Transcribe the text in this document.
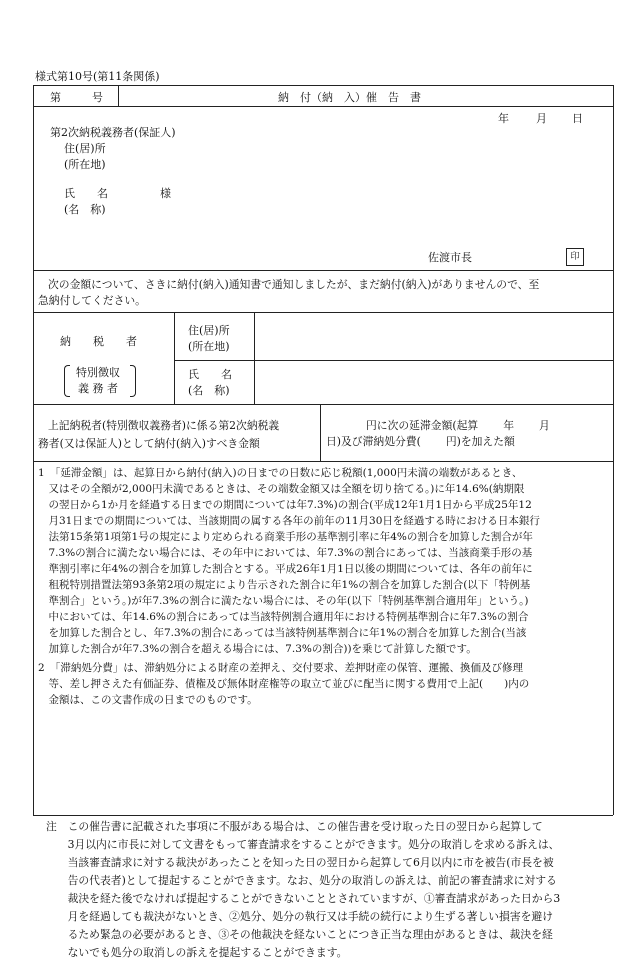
様式第10号(第11条関係)
第	号	納　付（納　入）催　告　書
年 月 日
第2次納税義務者(保証人)
住(居)所
(所在地)
氏　　名	様
(名　称)
佐渡市長	印
次の金額について、さきに納付(納入)通知書で通知しましたが、まだ納付(納入)がありませんので、至
急納付してください。
納　　税　　者
特別徴収
義 務 者
住(居)所
(所在地)
氏　　名
(名　称)
上記納税者(特別徴収義務者)に係る第2次納税義
務者(又は保証人)として納付(納入)すべき金額
円に次の延滞金額(起算　　 年　　 月
日)及び滞納処分費(　　 円)を加えた額
1　「延滞金額」は、起算日から納付(納入)の日までの日数に応じ税額(1,000円未満の端数があるとき、
　又はその全額が2,000円未満であるときは、その端数金額又は全額を切り捨てる。)に年14.6%(納期限
　の翌日から1か月を経過する日までの期間については年7.3%)の割合(平成12年1月1日から平成25年12
　月31日までの期間については、当該期間の属する各年の前年の11月30日を経過する時における日本銀行
　法第15条第1項第1号の規定により定められる商業手形の基準割引率に年4%の割合を加算した割合が年
　7.3%の割合に満たない場合には、その年中においては、年7.3%の割合にあっては、当該商業手形の基
　準割引率に年4%の割合を加算した割合とする。平成26年1月1日以後の期間については、各年の前年に
　租税特別措置法第93条第2項の規定により告示された割合に年1%の割合を加算した割合(以下「特例基
　準割合」という。)が年7.3%の割合に満たない場合には、その年(以下「特例基準割合適用年」という。)
　中においては、年14.6%の割合にあっては当該特例割合適用年における特例基準割合に年7.3%の割合
　を加算した割合とし、年7.3%の割合にあっては当該特例基準割合に年1%の割合を加算した割合(当該
　加算した割合が年7.3%の割合を超える場合には、7.3%の割合))を乗じて計算した額です。
2　「滞納処分費」は、滞納処分による財産の差押え、交付要求、差押財産の保管、運搬、換価及び修理
　等、差し押さえた有価証券、債権及び無体財産権等の取立て並びに配当に関する費用で上記(　　)内の
　金額は、この文書作成の日までのものです。
注　この催告書に記載された事項に不服がある場合は、この催告書を受け取った日の翌日から起算して
　　3月以内に市長に対して文書をもって審査請求をすることができます。処分の取消しを求める訴えは、
　　当該審査請求に対する裁決があったことを知った日の翌日から起算して6月以内に市を被告(市長を被
　　告の代表者)として提起することができます。なお、処分の取消しの訴えは、前記の審査請求に対する
　　裁決を経た後でなければ提起することができないこととされていますが、①審査請求があった日から3
　　月を経過しても裁決がないとき、②処分、処分の執行又は手続の続行により生ずる著しい損害を避け
　　るため緊急の必要があるとき、③その他裁決を経ないことにつき正当な理由があるときは、裁決を経
　　ないでも処分の取消しの訴えを提起することができます。
